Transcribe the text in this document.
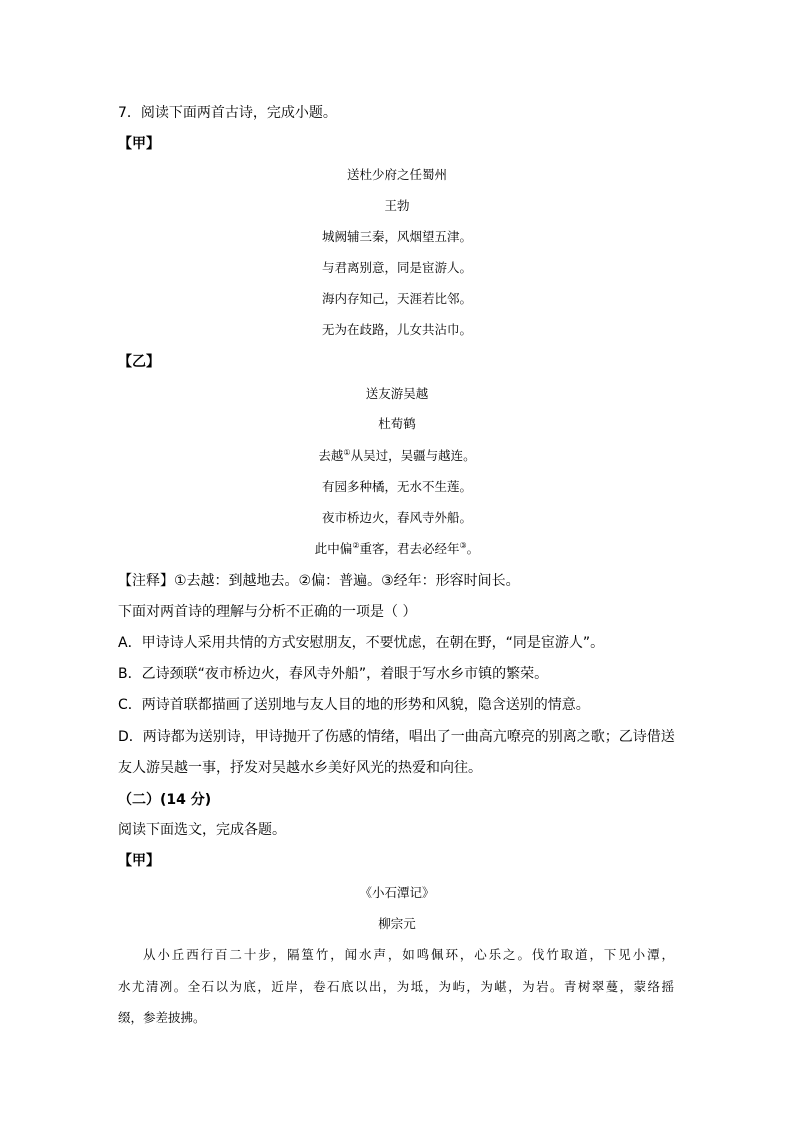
7．阅读下面两首古诗，完成小题。
【甲】
送杜少府之任蜀州
王勃
城阙辅三秦，风烟望五津。
与君离别意，同是宦游人。
海内存知己，天涯若比邻。
无为在歧路，儿女共沾巾。
【乙】
送友游吴越
杜荀鹤
去越①从吴过，吴疆与越连。
有园多种橘，无水不生莲。
夜市桥边火，春风寺外船。
此中偏②重客，君去必经年③。
【注释】①去越：到越地去。②偏：普遍。③经年：形容时间长。
下面对两首诗的理解与分析不正确的一项是（ ）
A．甲诗诗人采用共情的方式安慰朋友，不要忧虑，在朝在野，“同是宦游人”。
B．乙诗颈联“夜市桥边火，春风寺外船”，着眼于写水乡市镇的繁荣。
C．两诗首联都描画了送别地与友人目的地的形势和风貌，隐含送别的情意。
D．两诗都为送别诗，甲诗抛开了伤感的情绪，唱出了一曲高亢嘹亮的别离之歌；乙诗借送
友人游吴越一事，抒发对吴越水乡美好风光的热爱和向往。
（二）(14 分)
阅读下面选文，完成各题。
【甲】
《小石潭记》
柳宗元
从小丘西行百二十步，隔篁竹，闻水声，如鸣佩环，心乐之。伐竹取道，下见小潭，
水尤清冽。全石以为底，近岸，卷石底以出，为坻，为屿，为嵁，为岩。青树翠蔓，蒙络摇
缀，参差披拂。
